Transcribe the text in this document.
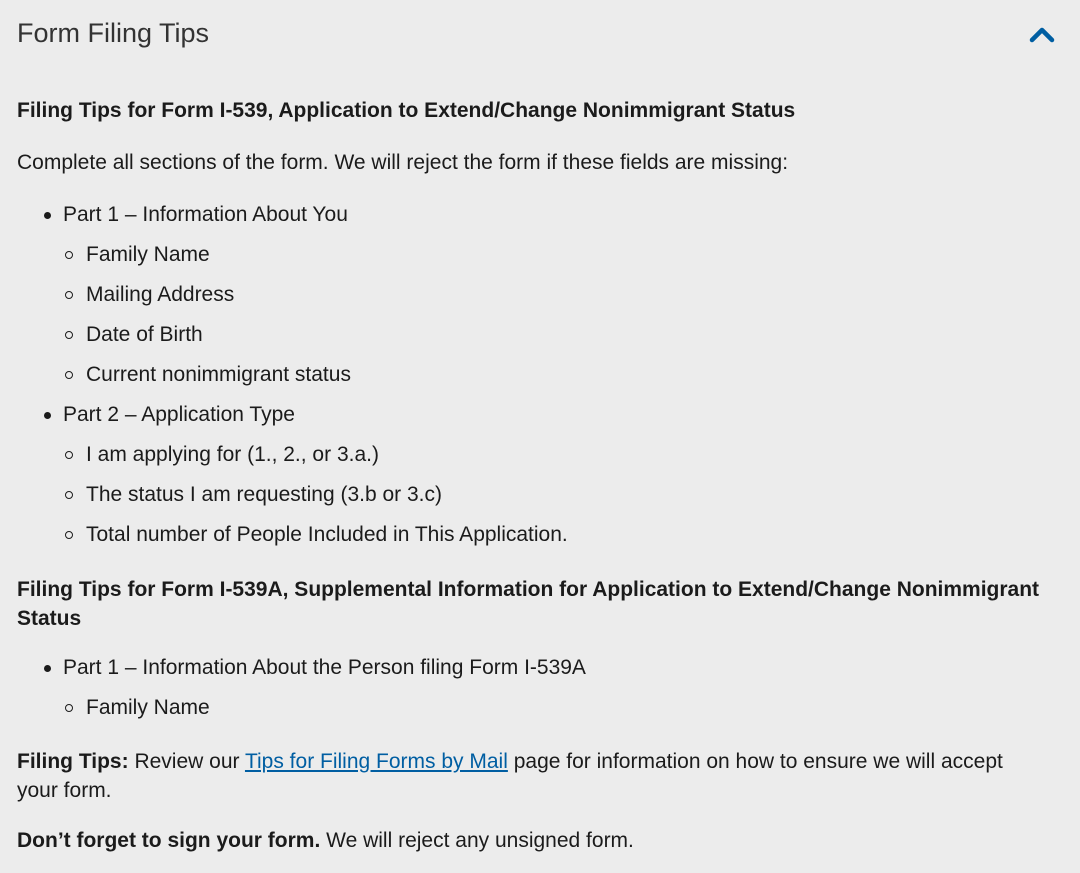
Form Filing Tips

Filing Tips for Form I-539, Application to Extend/Change Nonimmigrant Status

Complete all sections of the form. We will reject the form if these fields are missing:

Part 1 – Information About You
Family Name
Mailing Address
Date of Birth
Current nonimmigrant status
Part 2 – Application Type
I am applying for (1., 2., or 3.a.)
The status I am requesting (3.b or 3.c)
Total number of People Included in This Application.

Filing Tips for Form I-539A, Supplemental Information for Application to Extend/Change Nonimmigrant Status

Part 1 – Information About the Person filing Form I-539A
Family Name

Filing Tips: Review our Tips for Filing Forms by Mail page for information on how to ensure we will accept your form.

Don’t forget to sign your form. We will reject any unsigned form.
